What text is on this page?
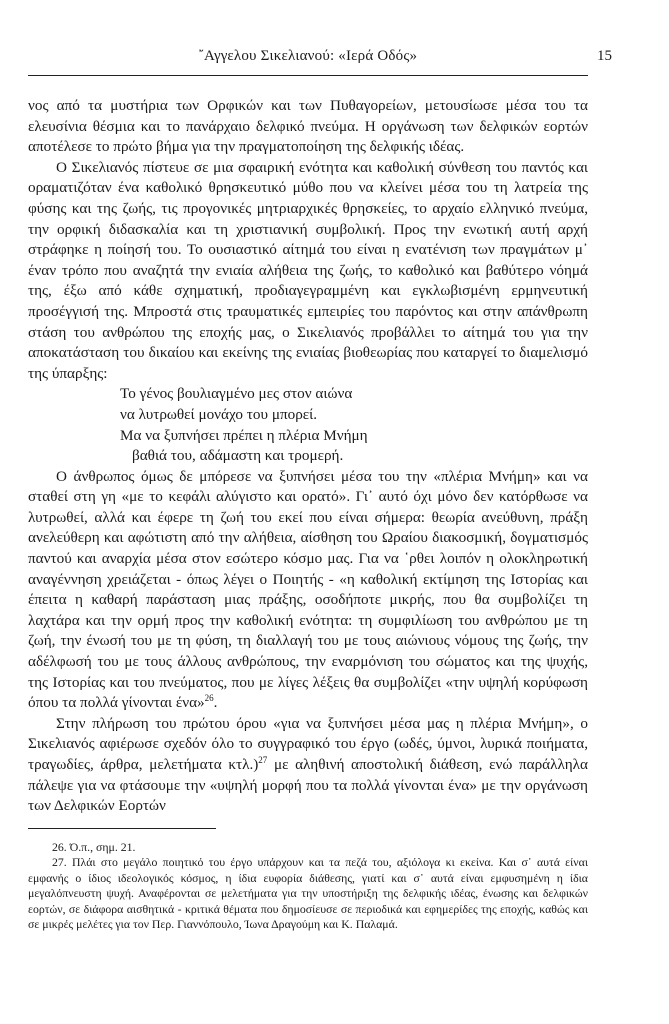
῎Αγγελου Σικελιανού: «Ιερά Οδός»	15

νος από τα μυστήρια των Ορφικών και των Πυθαγορείων, μετουσίωσε μέσα του τα ελευσίνια θέσμια και το πανάρχαιο δελφικό πνεύμα. Η οργάνωση των δελφικών εορτών αποτέλεσε το πρώτο βήμα για την πραγματοποίηση της δελφικής ιδέας.

Ο Σικελιανός πίστευε σε μια σφαιρική ενότητα και καθολική σύνθεση του παντός και οραματιζόταν ένα καθολικό θρησκευτικό μύθο που να κλείνει μέσα του τη λατρεία της φύσης και της ζωής, τις προγονικές μητριαρχικές θρησκείες, το αρχαίο ελληνικό πνεύμα, την ορφική διδασκαλία και τη χριστιανική συμβολική. Προς την ενωτική αυτή αρχή στράφηκε η ποίησή του. Το ουσιαστικό αίτημά του είναι η ενατένιση των πραγμάτων μ᾽ έναν τρόπο που αναζητά την ενιαία αλήθεια της ζωής, το καθολικό και βαθύτερο νόημά της, έξω από κάθε σχηματική, προδιαγεγραμμένη και εγκλωβισμένη ερμηνευτική προσέγγισή της. Μπροστά στις τραυματικές εμπειρίες του παρόντος και στην απάνθρωπη στάση του ανθρώπου της εποχής μας, ο Σικελιανός προβάλλει το αίτημά του για την αποκατάσταση του δικαίου και εκείνης της ενιαίας βιοθεωρίας που καταργεί το διαμελισμό της ύπαρξης:

Το γένος βουλιαγμένο μες στον αιώνα
να λυτρωθεί μονάχο του μπορεί.
Μα να ξυπνήσει πρέπει η πλέρια Μνήμη
βαθιά του, αδάμαστη και τρομερή.

Ο άνθρωπος όμως δε μπόρεσε να ξυπνήσει μέσα του την «πλέρια Μνήμη» και να σταθεί στη γη «με το κεφάλι αλύγιστο και ορατό». Γι᾽ αυτό όχι μόνο δεν κατόρθωσε να λυτρωθεί, αλλά και έφερε τη ζωή του εκεί που είναι σήμερα: θεωρία ανεύθυνη, πράξη ανελεύθερη και αφώτιστη από την αλήθεια, αίσθηση του Ωραίου διακοσμική, δογματισμός παντού και αναρχία μέσα στον εσώτερο κόσμο μας. Για να ῾ρθει λοιπόν η ολοκληρωτική αναγέννηση χρειάζεται - όπως λέγει ο Ποιητής - «η καθολική εκτίμηση της Ιστορίας και έπειτα η καθαρή παράσταση μιας πράξης, οσοδήποτε μικρής, που θα συμβολίζει τη λαχτάρα και την ορμή προς την καθολική ενότητα: τη συμφιλίωση του ανθρώπου με τη ζωή, την ένωσή του με τη φύση, τη διαλλαγή του με τους αιώνιους νόμους της ζωής, την αδέλφωσή του με τους άλλους ανθρώπους, την εναρμόνιση του σώματος και της ψυχής, της Ιστορίας και του πνεύματος, που με λίγες λέξεις θα συμβολίζει «την υψηλή κορύφωση όπου τα πολλά γίνονται ένα»$^{26}$.

Στην πλήρωση του πρώτου όρου «για να ξυπνήσει μέσα μας η πλέρια Μνήμη», ο Σικελιανός αφιέρωσε σχεδόν όλο το συγγραφικό του έργο (ωδές, ύμνοι, λυρικά ποιήματα, τραγωδίες, άρθρα, μελετήματα κτλ.)$^{27}$ με αληθινή αποστολική διάθεση, ενώ παράλληλα πάλεψε για να φτάσουμε την «υψηλή μορφή που τα πολλά γίνονται ένα» με την οργάνωση των Δελφικών Εορτών

26. Ό.π., σημ. 21.

27. Πλάι στο μεγάλο ποιητικό του έργο υπάρχουν και τα πεζά του, αξιόλογα κι εκείνα. Και σ᾽ αυτά είναι εμφανής ο ίδιος ιδεολογικός κόσμος, η ίδια ευφορία διάθεσης, γιατί και σ᾽ αυτά είναι εμφυσημένη η ίδια μεγαλόπνευστη ψυχή. Αναφέρονται σε μελετήματα για την υποστήριξη της δελφικής ιδέας, ένωσης και δελφικών εορτών, σε διάφορα αισθητικά - κριτικά θέματα που δημοσίευσε σε περιοδικά και εφημερίδες της εποχής, καθώς και σε μικρές μελέτες για τον Περ. Γιαννόπουλο, Ίωνα Δραγούμη και Κ. Παλαμά.
